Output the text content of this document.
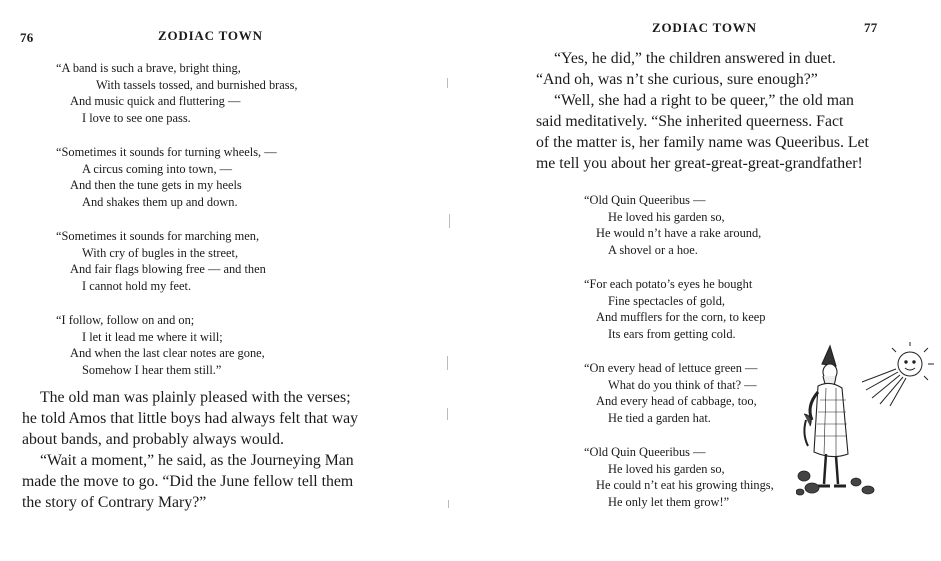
76	ZODIAC TOWN
“A band is such a brave, bright thing,
With tassels tossed, and burnished brass,
And music quick and fluttering —
I love to see one pass.
“Sometimes it sounds for turning wheels, —
A circus coming into town, —
And then the tune gets in my heels
And shakes them up and down.
“Sometimes it sounds for marching men,
With cry of bugles in the street,
And fair flags blowing free — and then
I cannot hold my feet.
“I follow, follow on and on;
I let it lead me where it will;
And when the last clear notes are gone,
Somehow I hear them still.”
The old man was plainly pleased with the verses;
he told Amos that little boys had always felt that way
about bands, and probably always would.
“Wait a moment,” he said, as the Journeying Man
made the move to go. “Did the June fellow tell them
the story of Contrary Mary?”
ZODIAC TOWN	77
“Yes, he did,” the children answered in duet.
“And oh, was n’t she curious, sure enough?”
“Well, she had a right to be queer,” the old man
said meditatively. “She inherited queerness. Fact
of the matter is, her family name was Queeribus. Let
me tell you about her great-great-great-grandfather!
“Old Quin Queeribus —
He loved his garden so,
He would n’t have a rake around,
A shovel or a hoe.
“For each potato’s eyes he bought
Fine spectacles of gold,
And mufflers for the corn, to keep
Its ears from getting cold.
“On every head of lettuce green —
What do you think of that? —
And every head of cabbage, too,
He tied a garden hat.
“Old Quin Queeribus —
He loved his garden so,
He could n’t eat his growing things,
He only let them grow!”
